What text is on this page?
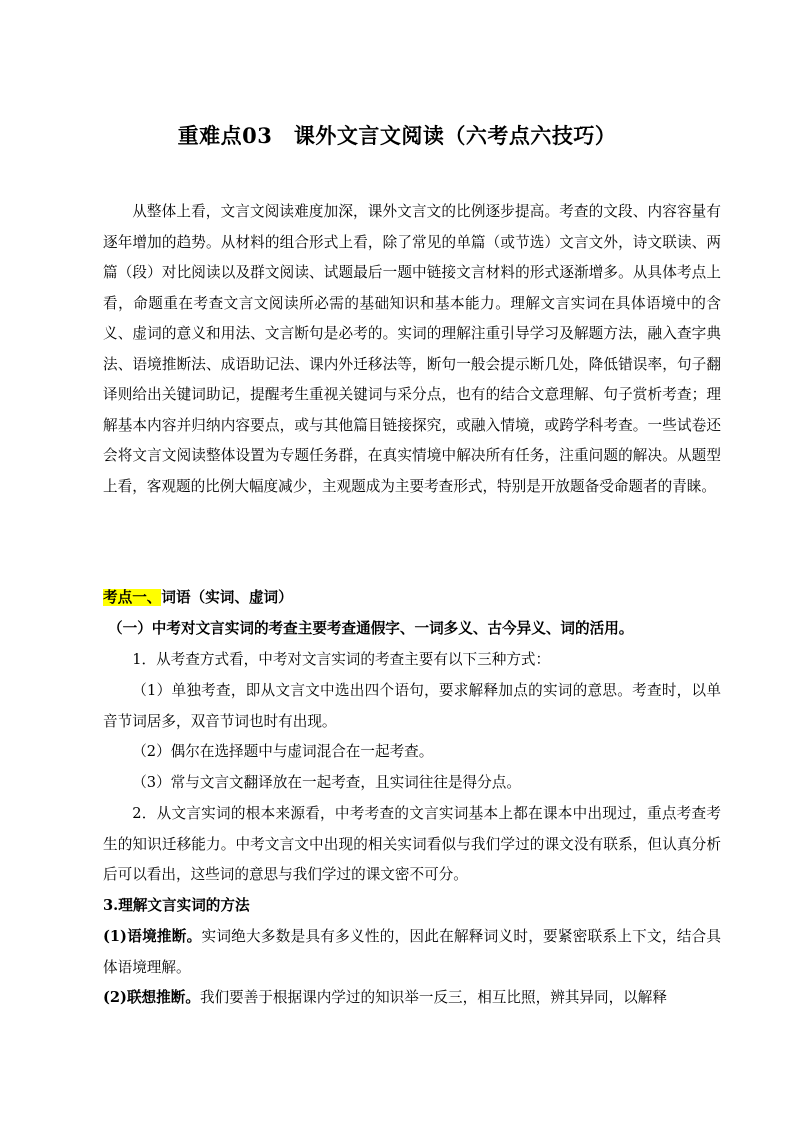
重难点03　课外文言文阅读（六考点六技巧）
从整体上看，文言文阅读难度加深，课外文言文的比例逐步提高。考查的文段、内容容量有逐年增加的趋势。从材料的组合形式上看，除了常见的单篇（或节选）文言文外，诗文联读、两篇（段）对比阅读以及群文阅读、试题最后一题中链接文言材料的形式逐渐增多。从具体考点上看，命题重在考查文言文阅读所必需的基础知识和基本能力。理解文言实词在具体语境中的含义、虚词的意义和用法、文言断句是必考的。实词的理解注重引导学习及解题方法，融入查字典法、语境推断法、成语助记法、课内外迁移法等，断句一般会提示断几处，降低错误率，句子翻译则给出关键词助记，提醒考生重视关键词与采分点，也有的结合文意理解、句子赏析考查；理解基本内容并归纳内容要点，或与其他篇目链接探究，或融入情境，或跨学科考查。一些试卷还会将文言文阅读整体设置为专题任务群，在真实情境中解决所有任务，注重问题的解决。从题型上看，客观题的比例大幅度减少，主观题成为主要考查形式，特别是开放题备受命题者的青睐。
考点一、词语（实词、虚词）
（一）中考对文言实词的考查主要考查通假字、一词多义、古今异义、词的活用。
1．从考查方式看，中考对文言实词的考查主要有以下三种方式：
（1）单独考查，即从文言文中选出四个语句，要求解释加点的实词的意思。考查时，以单音节词居多，双音节词也时有出现。
（2）偶尔在选择题中与虚词混合在一起考查。
（3）常与文言文翻译放在一起考查，且实词往往是得分点。
2．从文言实词的根本来源看，中考考查的文言实词基本上都在课本中出现过，重点考查考生的知识迁移能力。中考文言文中出现的相关实词看似与我们学过的课文没有联系，但认真分析后可以看出，这些词的意思与我们学过的课文密不可分。
3.理解文言实词的方法
(1)语境推断。实词绝大多数是具有多义性的，因此在解释词义时，要紧密联系上下文，结合具体语境理解。
(2)联想推断。我们要善于根据课内学过的知识举一反三，相互比照，辨其异同，以解释
